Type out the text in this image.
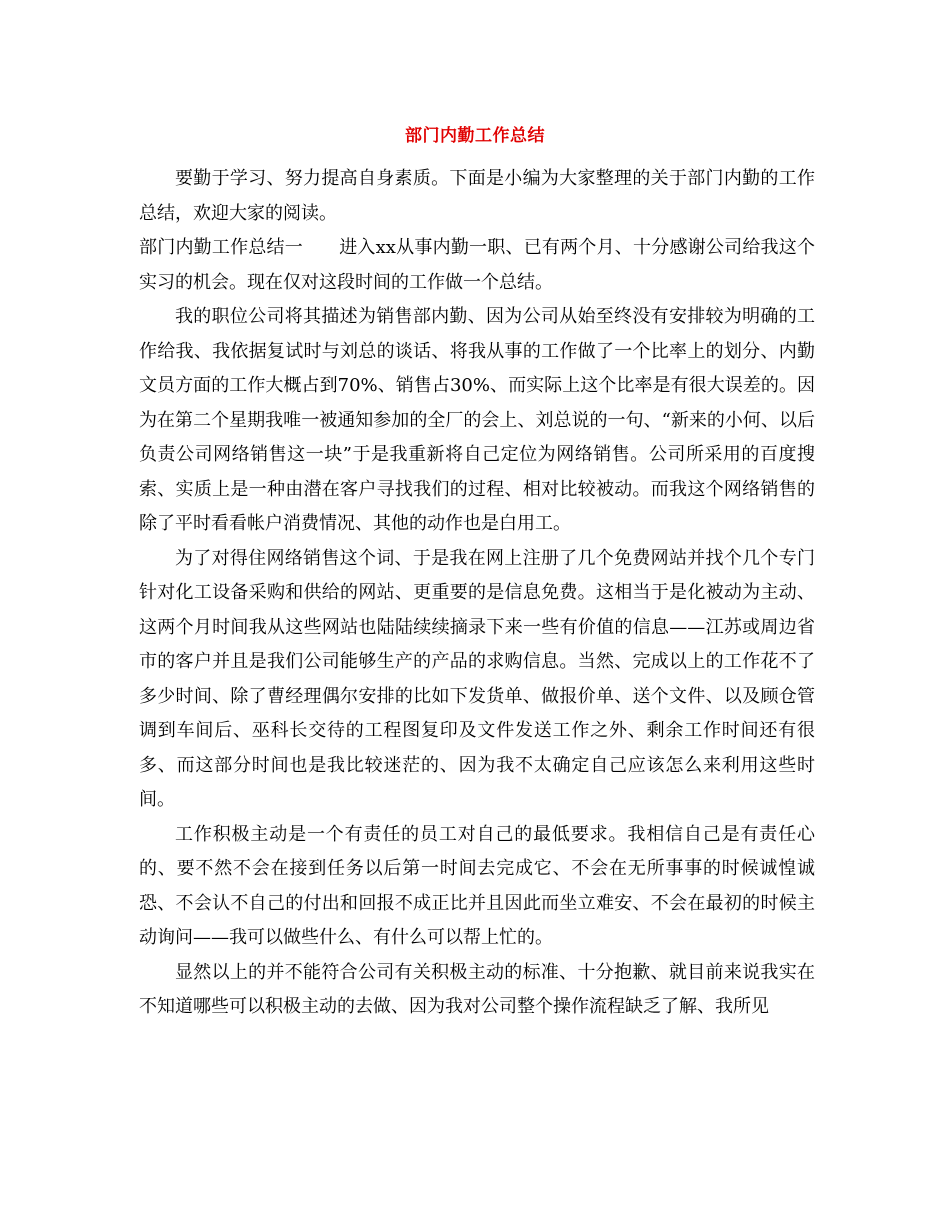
部门内勤工作总结

要勤于学习、努力提高自身素质。下面是小编为大家整理的关于部门内勤的工作总结，欢迎大家的阅读。

部门内勤工作总结一 进入xx从事内勤一职、已有两个月、十分感谢公司给我这个实习的机会。现在仅对这段时间的工作做一个总结。

我的职位公司将其描述为销售部内勤、因为公司从始至终没有安排较为明确的工作给我、我依据复试时与刘总的谈话、将我从事的工作做了一个比率上的划分、内勤文员方面的工作大概占到70%、销售占30%、而实际上这个比率是有很大误差的。因为在第二个星期我唯一被通知参加的全厂的会上、刘总说的一句、“新来的小何、以后负责公司网络销售这一块”于是我重新将自己定位为网络销售。公司所采用的百度搜索、实质上是一种由潜在客户寻找我们的过程、相对比较被动。而我这个网络销售的除了平时看看帐户消费情况、其他的动作也是白用工。

为了对得住网络销售这个词、于是我在网上注册了几个免费网站并找个几个专门针对化工设备采购和供给的网站、更重要的是信息免费。这相当于是化被动为主动、这两个月时间我从这些网站也陆陆续续摘录下来一些有价值的信息——江苏或周边省市的客户并且是我们公司能够生产的产品的求购信息。当然、完成以上的工作花不了多少时间、除了曹经理偶尔安排的比如下发货单、做报价单、送个文件、以及顾仓管调到车间后、巫科长交待的工程图复印及文件发送工作之外、剩余工作时间还有很多、而这部分时间也是我比较迷茫的、因为我不太确定自己应该怎么来利用这些时间。

工作积极主动是一个有责任的员工对自己的最低要求。我相信自己是有责任心的、要不然不会在接到任务以后第一时间去完成它、不会在无所事事的时候诚惶诚恐、不会认不自己的付出和回报不成正比并且因此而坐立难安、不会在最初的时候主动询问——我可以做些什么、有什么可以帮上忙的。

显然以上的并不能符合公司有关积极主动的标准、十分抱歉、就目前来说我实在不知道哪些可以积极主动的去做、因为我对公司整个操作流程缺乏了解、我所见
